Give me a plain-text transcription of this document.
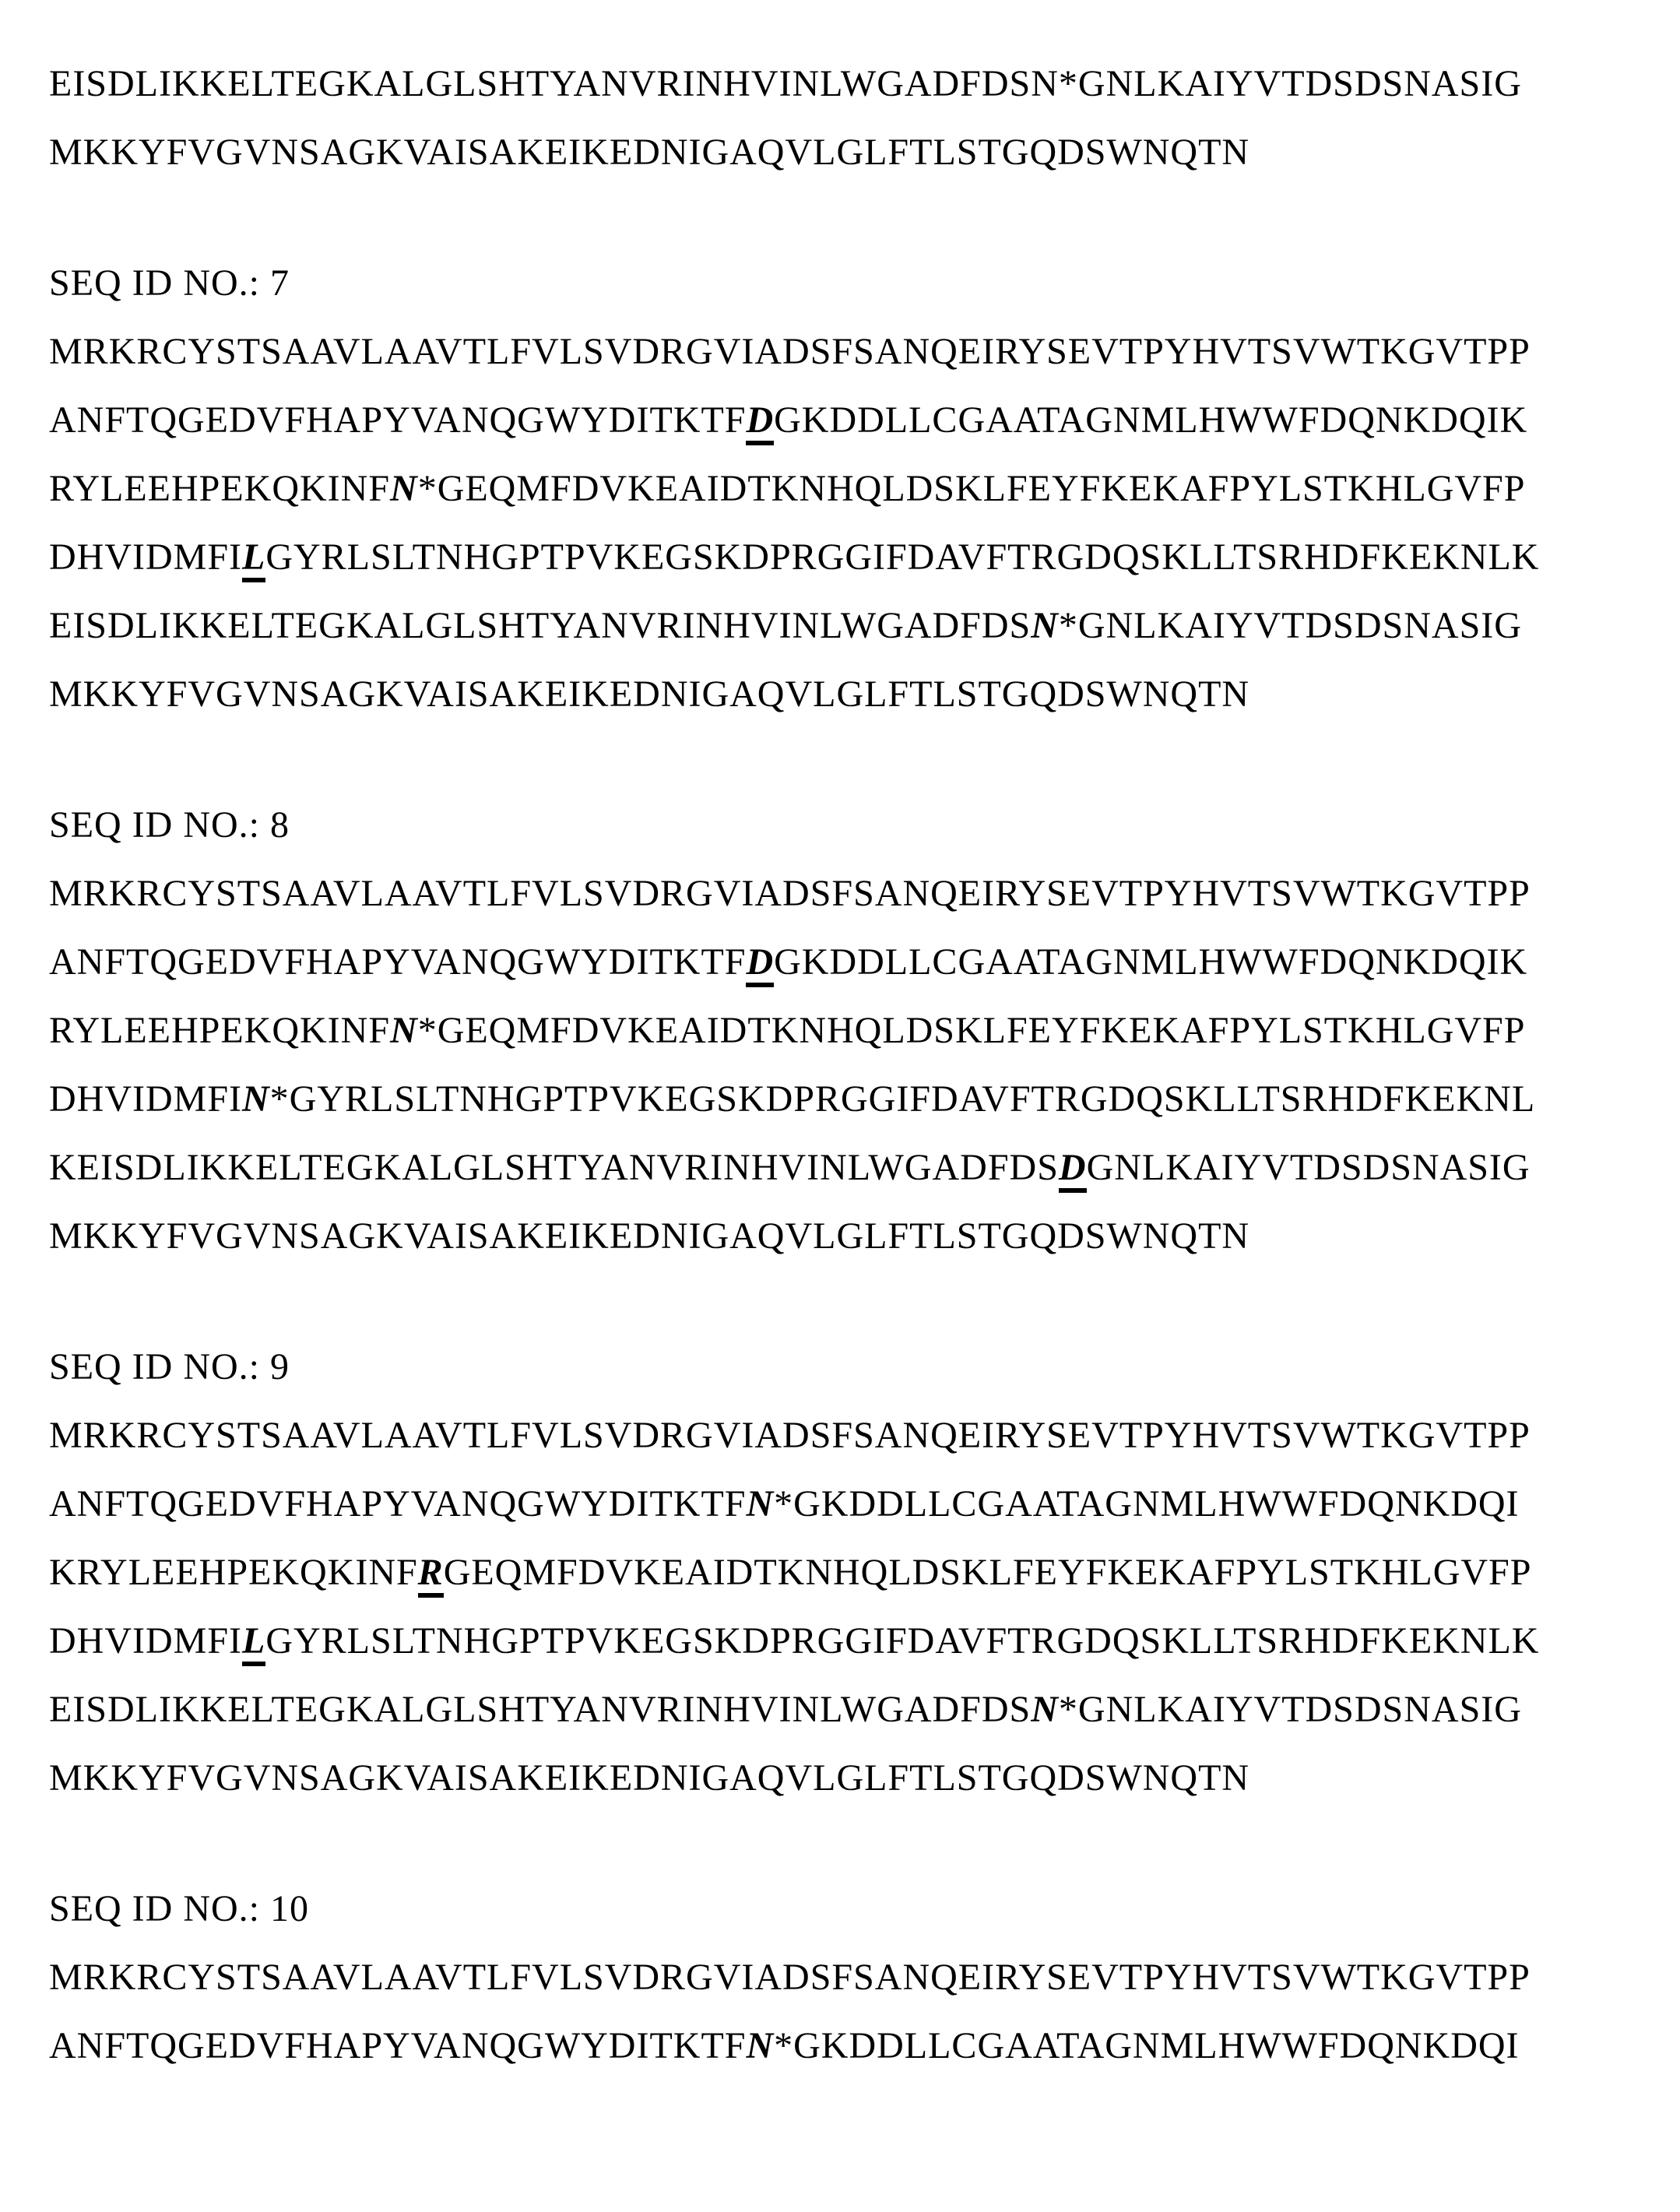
EISDLIKKELTEGKALGLSHTYANVRINHVINLWGADFDSN*GNLKAIYVTDSDSNASIG

MKKYFVGVNSAGKVAISAKEIKEDNIGAQVLGLFTLSTGQDSWNQTN

SEQ ID NO.: 7

MRKRCYSTSAAVLAAVTLFVLSVDRGVIADSFSANQEIRYSEVTPYHVTSVWTKGVTPP

ANFTQGEDVFHAPYVANQGWYDITKTFDGKDDLLCGAATAGNMLHWWFDQNKDQIK

RYLEEHPEKQKINFN*GEQMFDVKEAIDTKNHQLDSKLFEYFKEKAFPYLSTKHLGVFP

DHVIDMFILGYRLSLTNHGPTPVKEGSKDPRGGIFDAVFTRGDQSKLLTSRHDFKEKNLK

EISDLIKKELTEGKALGLSHTYANVRINHVINLWGADFDSN*GNLKAIYVTDSDSNASIG

MKKYFVGVNSAGKVAISAKEIKEDNIGAQVLGLFTLSTGQDSWNQTN

SEQ ID NO.: 8

MRKRCYSTSAAVLAAVTLFVLSVDRGVIADSFSANQEIRYSEVTPYHVTSVWTKGVTPP

ANFTQGEDVFHAPYVANQGWYDITKTFDGKDDLLCGAATAGNMLHWWFDQNKDQIK

RYLEEHPEKQKINFN*GEQMFDVKEAIDTKNHQLDSKLFEYFKEKAFPYLSTKHLGVFP

DHVIDMFIN*GYRLSLTNHGPTPVKEGSKDPRGGIFDAVFTRGDQSKLLTSRHDFKEKNL

KEISDLIKKELTEGKALGLSHTYANVRINHVINLWGADFDSDGNLKAIYVTDSDSNASIG

MKKYFVGVNSAGKVAISAKEIKEDNIGAQVLGLFTLSTGQDSWNQTN

SEQ ID NO.: 9

MRKRCYSTSAAVLAAVTLFVLSVDRGVIADSFSANQEIRYSEVTPYHVTSVWTKGVTPP

ANFTQGEDVFHAPYVANQGWYDITKTFN*GKDDLLCGAATAGNMLHWWFDQNKDQI

KRYLEEHPEKQKINFRGEQMFDVKEAIDTKNHQLDSKLFEYFKEKAFPYLSTKHLGVFP

DHVIDMFILGYRLSLTNHGPTPVKEGSKDPRGGIFDAVFTRGDQSKLLTSRHDFKEKNLK

EISDLIKKELTEGKALGLSHTYANVRINHVINLWGADFDSN*GNLKAIYVTDSDSNASIG

MKKYFVGVNSAGKVAISAKEIKEDNIGAQVLGLFTLSTGQDSWNQTN

SEQ ID NO.: 10

MRKRCYSTSAAVLAAVTLFVLSVDRGVIADSFSANQEIRYSEVTPYHVTSVWTKGVTPP

ANFTQGEDVFHAPYVANQGWYDITKTFN*GKDDLLCGAATAGNMLHWWFDQNKDQI
